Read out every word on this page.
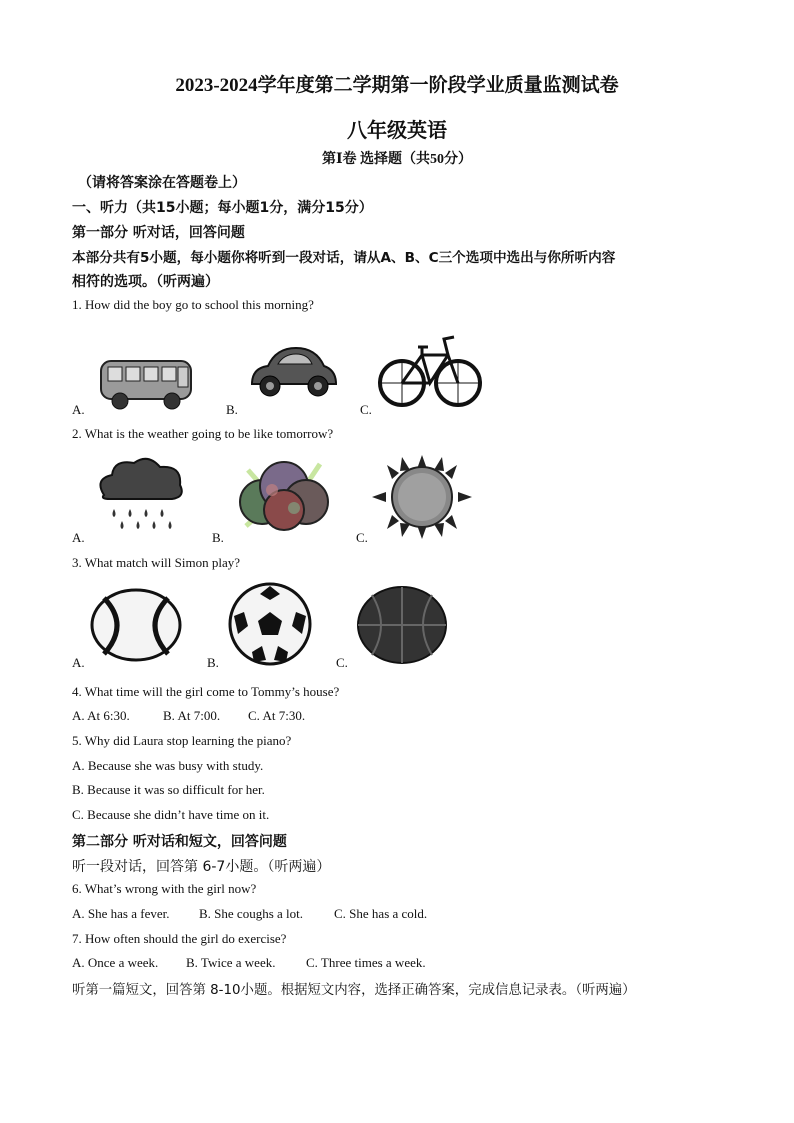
2023-2024学年度第二学期第一阶段学业质量监测试卷
八年级英语
第Ⅰ卷 选择题（共50分）
（请将答案涂在答题卷上）
一、听力（共15小题；每小题1分，满分15分）
第一部分 听对话，回答问题
本部分共有5小题，每小题你将听到一段对话，请从A、B、C三个选项中选出与你所听内容
相符的选项。（听两遍）
1. How did the boy go to school this morning?
A.	B.	C.
2. What is the weather going to be like tomorrow?
A.	B.	C.
3. What match will Simon play?
A.	B.	C.
4. What time will the girl come to Tommy’s house?
A. At 6:30.	B. At 7:00. C. At 7:30.
5. Why did Laura stop learning the piano?
A. Because she was busy with study.
B. Because it was so difficult for her.
C. Because she didn’t have time on it.
第二部分 听对话和短文，回答问题
听一段对话，回答第 6-7小题。（听两遍）
6. What’s wrong with the girl now?
A. She has a fever. B. She coughs a lot. C. She has a cold.
7. How often should the girl do exercise?
A. Once a week. B. Twice a week. C. Three times a week.
听第一篇短文，回答第 8-10小题。根据短文内容，选择正确答案，完成信息记录表。（听两遍）
